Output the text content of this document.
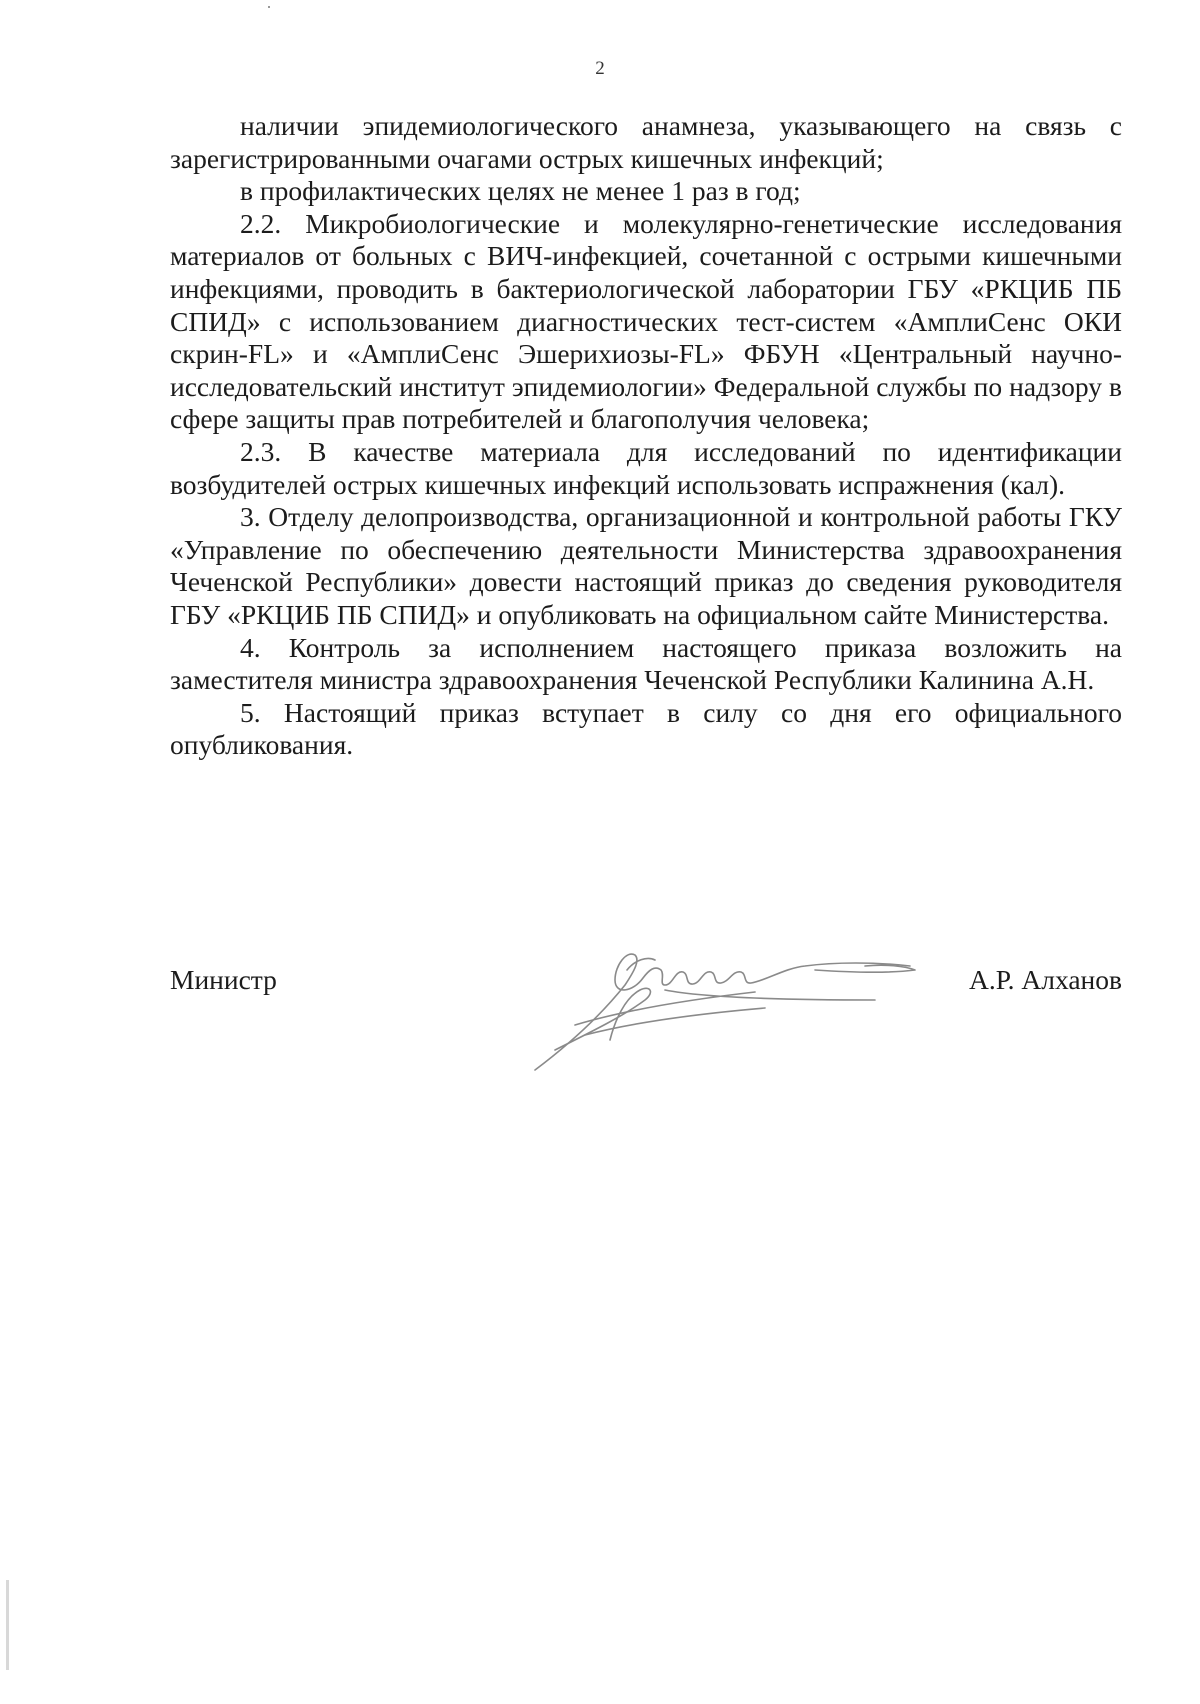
2

наличии эпидемиологического анамнеза, указывающего на связь с зарегистрированными очагами острых кишечных инфекций;

в профилактических целях не менее 1 раз в год;

2.2. Микробиологические и молекулярно-генетические исследования материалов от больных с ВИЧ-инфекцией, сочетанной с острыми кишечными инфекциями, проводить в бактериологической лаборатории ГБУ «РКЦИБ ПБ СПИД» с использованием диагностических тест-систем «АмплиСенс ОКИ скрин-FL» и «АмплиСенс Эшерихиозы-FL» ФБУН «Центральный научно-исследовательский институт эпидемиологии» Федеральной службы по надзору в сфере защиты прав потребителей и благополучия человека;

2.3. В качестве материала для исследований по идентификации возбудителей острых кишечных инфекций использовать испражнения (кал).

3. Отделу делопроизводства, организационной и контрольной работы ГКУ «Управление по обеспечению деятельности Министерства здравоохранения Чеченской Республики» довести настоящий приказ до сведения руководителя ГБУ «РКЦИБ ПБ СПИД» и опубликовать на официальном сайте Министерства.

4. Контроль за исполнением настоящего приказа возложить на заместителя министра здравоохранения Чеченской Республики Калинина А.Н.

5. Настоящий приказ вступает в силу со дня его официального опубликования.

Министр	А.Р. Алханов
